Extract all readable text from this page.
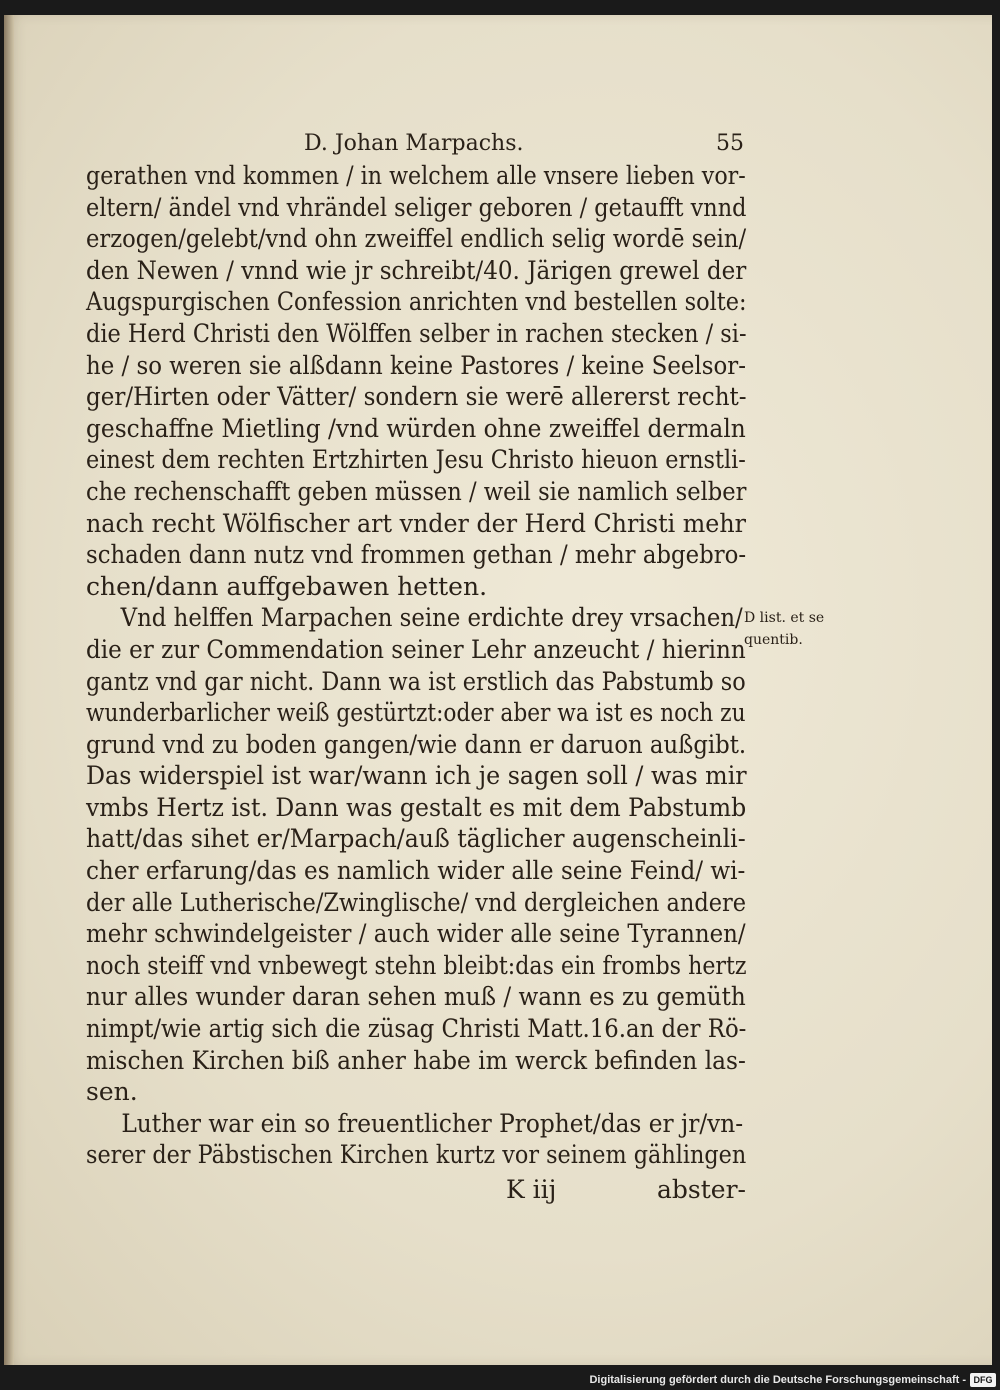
D. Johan Marpachs.	55
gerathen vnd kommen / in welchem alle vnsere lieben vor-
eltern/ ändel vnd vhrändel seliger geboren / getaufft vnnd
erzogen/gelebt/vnd ohn zweiffel endlich selig wordē sein/
den Newen / vnnd wie jr schreibt/40. Järigen grewel der
Augspurgischen Confession anrichten vnd bestellen solte:
die Herd Christi den Wölffen selber in rachen stecken / si-
he / so weren sie alßdann keine Pastores / keine Seelsor-
ger/Hirten oder Vätter/ sondern sie werē allererst recht-
geschaffne Mietling /vnd würden ohne zweiffel dermaln
einest dem rechten Ertzhirten Jesu Christo hieuon ernstli-
che rechenschafft geben müssen / weil sie namlich selber
nach recht Wölfischer art vnder der Herd Christi mehr
schaden dann nutz vnd frommen gethan / mehr abgebro-
chen/dann auffgebawen hetten.
Vnd helffen Marpachen seine erdichte drey vrsachen/
die er zur Commendation seiner Lehr anzeucht / hierinn
gantz vnd gar nicht. Dann wa ist erstlich das Pabstumb so
wunderbarlicher weiß gestürtzt:oder aber wa ist es noch zu
grund vnd zu boden gangen/wie dann er daruon außgibt.
Das widerspiel ist war/wann ich je sagen soll / was mir
vmbs Hertz ist. Dann was gestalt es mit dem Pabstumb
hatt/das sihet er/Marpach/auß täglicher augenscheinli-
cher erfarung/das es namlich wider alle seine Feind/ wi-
der alle Lutherische/Zwinglische/ vnd dergleichen andere
mehr schwindelgeister / auch wider alle seine Tyrannen/
noch steiff vnd vnbewegt stehn bleibt:das ein frombs hertz
nur alles wunder daran sehen muß / wann es zu gemüth
nimpt/wie artig sich die züsag Christi Matt.16.an der Rö-
mischen Kirchen biß anher habe im werck befinden las-
sen.
Luther war ein so freuentlicher Prophet/das er jr/vn-
serer der Päbstischen Kirchen kurtz vor seinem gählingen
D list. et se
quentib.
K iij	abster-
Digitalisierung gefördert durch die Deutsche Forschungsgemeinschaft - DFG
